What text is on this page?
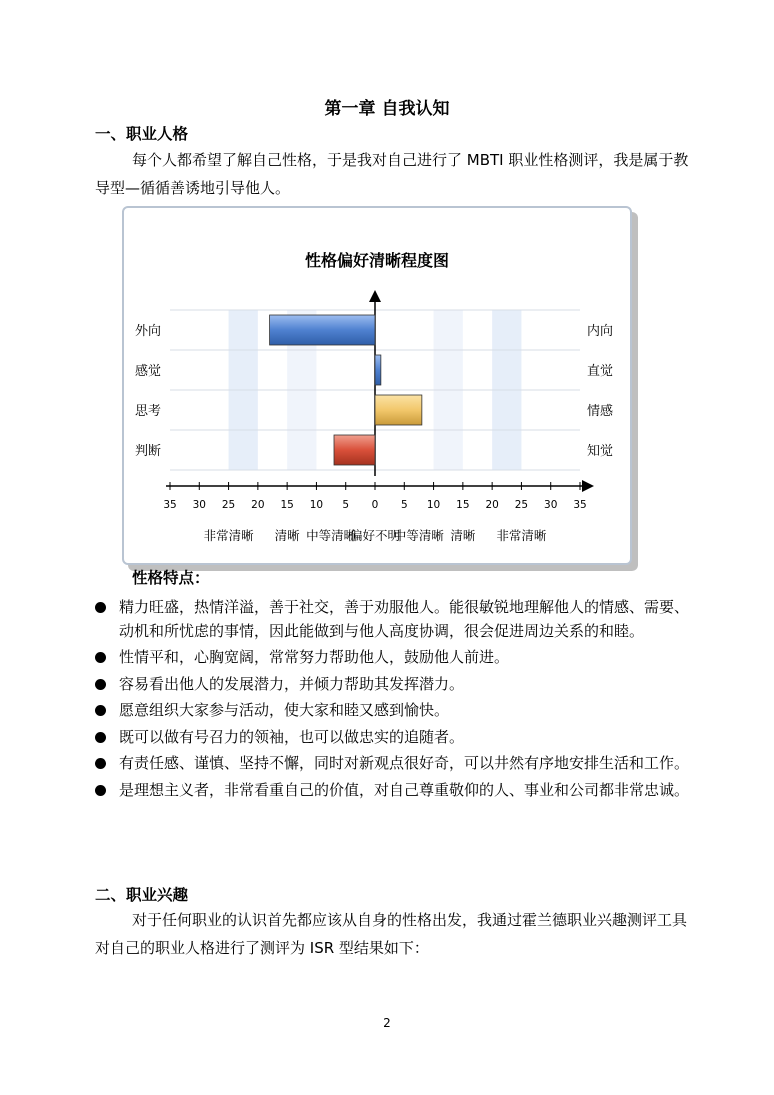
第一章 自我认知
一、职业人格
每个人都希望了解自己性格，于是我对自己进行了 MBTI 职业性格测评，我是属于教导型—循循善诱地引导他人。
性格偏好清晰程度图
外向
感觉
思考
判断
内向
直觉
情感
知觉
35 30 25 20 15 10 5 0 5 10 15 20 25 30 35
非常清晰 清晰 中等清晰
偏好不明
中等清晰 清晰 非常清晰
性格特点：
精力旺盛，热情洋溢，善于社交，善于劝服他人。能很敏锐地理解他人的情感、需要、动机和所忧虑的事情，因此能做到与他人高度协调，很会促进周边关系的和睦。
性情平和，心胸宽阔，常常努力帮助他人，鼓励他人前进。
容易看出他人的发展潜力，并倾力帮助其发挥潜力。
愿意组织大家参与活动，使大家和睦又感到愉快。
既可以做有号召力的领袖，也可以做忠实的追随者。
有责任感、谨慎、坚持不懈，同时对新观点很好奇，可以井然有序地安排生活和工作。
是理想主义者，非常看重自己的价值，对自己尊重敬仰的人、事业和公司都非常忠诚。
二、职业兴趣
对于任何职业的认识首先都应该从自身的性格出发，我通过霍兰德职业兴趣测评工具对自己的职业人格进行了测评为 ISR 型结果如下：
2
